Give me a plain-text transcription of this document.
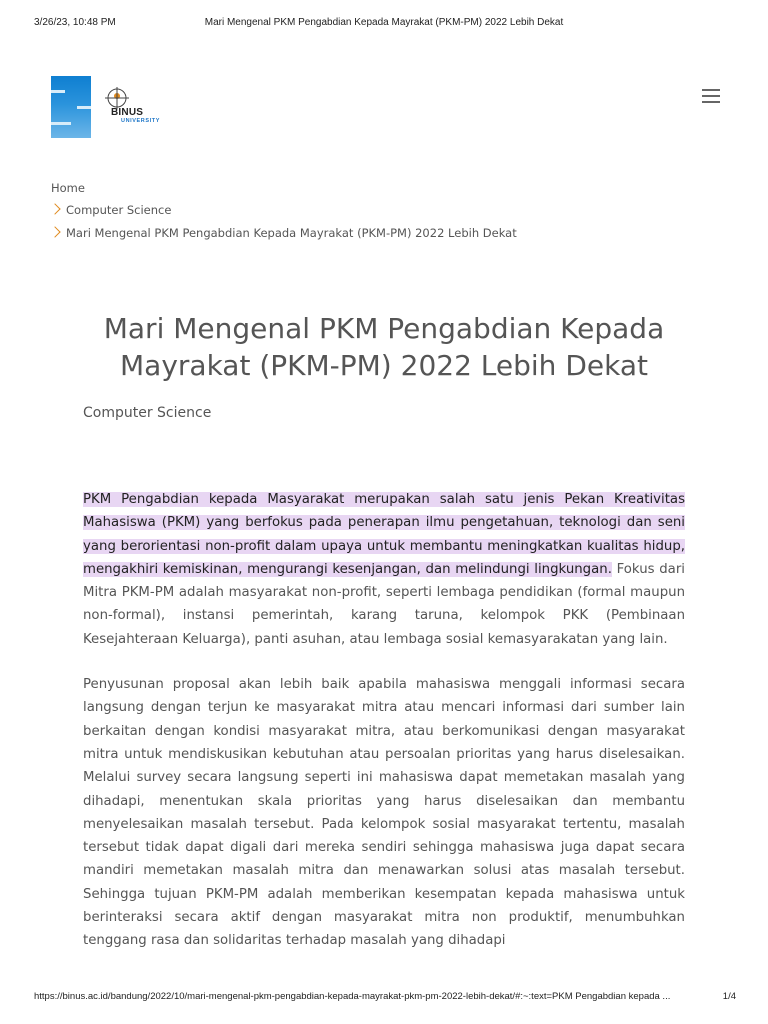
3/26/23, 10:48 PM	Mari Mengenal PKM Pengabdian Kepada Mayrakat (PKM-PM) 2022 Lebih Dekat
BINUS
UNIVERSITY
Home
Computer Science
Mari Mengenal PKM Pengabdian Kepada Mayrakat (PKM-PM) 2022 Lebih Dekat
Mari Mengenal PKM Pengabdian Kepada Mayrakat (PKM-PM) 2022 Lebih Dekat
Computer Science

PKM Pengabdian kepada Masyarakat merupakan salah satu jenis Pekan Kreativitas Mahasiswa (PKM) yang berfokus pada penerapan ilmu pengetahuan, teknologi dan seni yang berorientasi non-profit dalam upaya untuk membantu meningkatkan kualitas hidup, mengakhiri kemiskinan, mengurangi kesenjangan, dan melindungi lingkungan. Fokus dari Mitra PKM-PM adalah masyarakat non-profit, seperti lembaga pendidikan (formal maupun non-formal), instansi pemerintah, karang taruna, kelompok PKK (Pembinaan Kesejahteraan Keluarga), panti asuhan, atau lembaga sosial kemasyarakatan yang lain.

Penyusunan proposal akan lebih baik apabila mahasiswa menggali informasi secara langsung dengan terjun ke masyarakat mitra atau mencari informasi dari sumber lain berkaitan dengan kondisi masyarakat mitra, atau berkomunikasi dengan masyarakat mitra untuk mendiskusikan kebutuhan atau persoalan prioritas yang harus diselesaikan. Melalui survey secara langsung seperti ini mahasiswa dapat memetakan masalah yang dihadapi, menentukan skala prioritas yang harus diselesaikan dan membantu menyelesaikan masalah tersebut. Pada kelompok sosial masyarakat tertentu, masalah tersebut tidak dapat digali dari mereka sendiri sehingga mahasiswa juga dapat secara mandiri memetakan masalah mitra dan menawarkan solusi atas masalah tersebut. Sehingga tujuan PKM-PM adalah memberikan kesempatan kepada mahasiswa untuk berinteraksi secara aktif dengan masyarakat mitra non produktif, menumbuhkan tenggang rasa dan solidaritas terhadap masalah yang dihadapi

https://binus.ac.id/bandung/2022/10/mari-mengenal-pkm-pengabdian-kepada-mayrakat-pkm-pm-2022-lebih-dekat/#:~:text=PKM Pengabdian kepada ...	1/4
